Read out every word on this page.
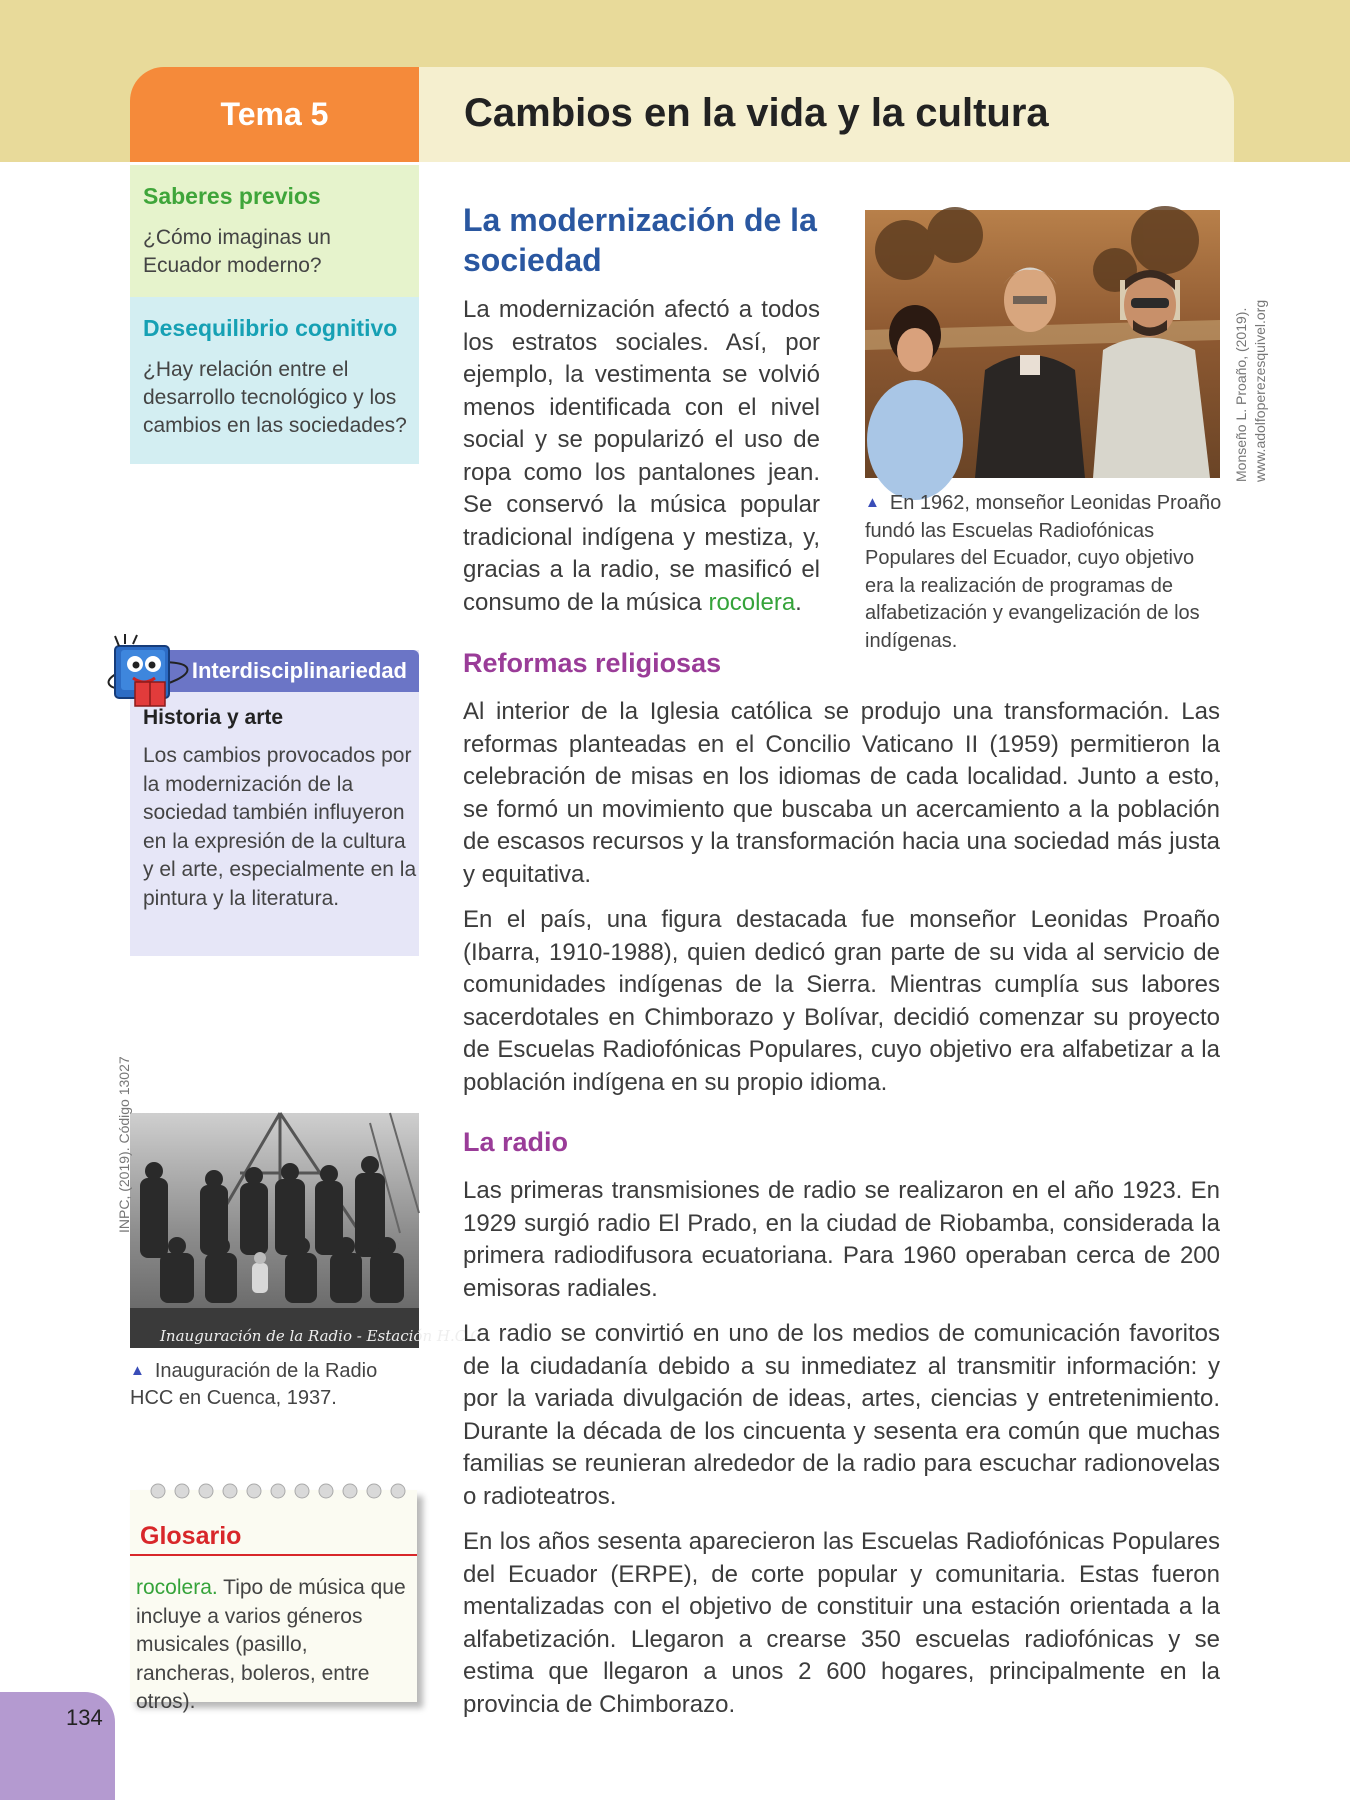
Tema 5	Cambios en la vida y la cultura
Saberes previos

¿Cómo imaginas un Ecuador moderno?

Desequilibrio cognitivo

¿Hay relación entre el desarrollo tecnológico y los cambios en las sociedades?

Interdisciplinariedad

Historia y arte

Los cambios provocados por la modernización de la sociedad también influyeron en la expresión de la cultura y el arte, especialmente en la pintura y la literatura.

Inauguración de la Radio - Estación H.C.C.
INPC, (2019). Código 13027

▲ Inauguración de la Radio HCC en Cuenca, 1937.

Glosario

rocolera. Tipo de música que incluye a varios géneros musicales (pasillo, rancheras, boleros, entre otros).

134
La modernización de la sociedad

La modernización afectó a todos los estratos sociales. Así, por ejemplo, la vestimenta se volvió menos identificada con el nivel social y se popularizó el uso de ropa como los pantalones jean. Se conservó la música popular tradicional indígena y mestiza, y, gracias a la radio, se masificó el consumo de la música rocolera.

Monseño L. Proaño, (2019). www.adolfoperezesquivel.org

▲ En 1962, monseñor Leonidas Proaño fundó las Escuelas Radiofónicas Populares del Ecuador, cuyo objetivo era la realización de programas de alfabetización y evangelización de los indígenas.

Reformas religiosas

Al interior de la Iglesia católica se produjo una transformación. Las reformas planteadas en el Concilio Vaticano II (1959) permitieron la celebración de misas en los idiomas de cada localidad. Junto a esto, se formó un movimiento que buscaba un acercamiento a la población de escasos recursos y la transformación hacia una sociedad más justa y equitativa.

En el país, una figura destacada fue monseñor Leonidas Proaño (Ibarra, 1910-1988), quien dedicó gran parte de su vida al servicio de comunidades indígenas de la Sierra. Mientras cumplía sus labores sacerdotales en Chimborazo y Bolívar, decidió comenzar su proyecto de Escuelas Radiofónicas Populares, cuyo objetivo era alfabetizar a la población indígena en su propio idioma.

La radio

Las primeras transmisiones de radio se realizaron en el año 1923. En 1929 surgió radio El Prado, en la ciudad de Riobamba, considerada la primera radiodifusora ecuatoriana. Para 1960 operaban cerca de 200 emisoras radiales.

La radio se convirtió en uno de los medios de comunicación favoritos de la ciudadanía debido a su inmediatez al transmitir información: y por la variada divulgación de ideas, artes, ciencias y entretenimiento. Durante la década de los cincuenta y sesenta era común que muchas familias se reunieran alrededor de la radio para escuchar radionovelas o radioteatros.

En los años sesenta aparecieron las Escuelas Radiofónicas Populares del Ecuador (ERPE), de corte popular y comunitaria. Estas fueron mentalizadas con el objetivo de constituir una estación orientada a la alfabetización. Llegaron a crearse 350 escuelas radiofónicas y se estima que llegaron a unos 2 600 hogares, principalmente en la provincia de Chimborazo.
